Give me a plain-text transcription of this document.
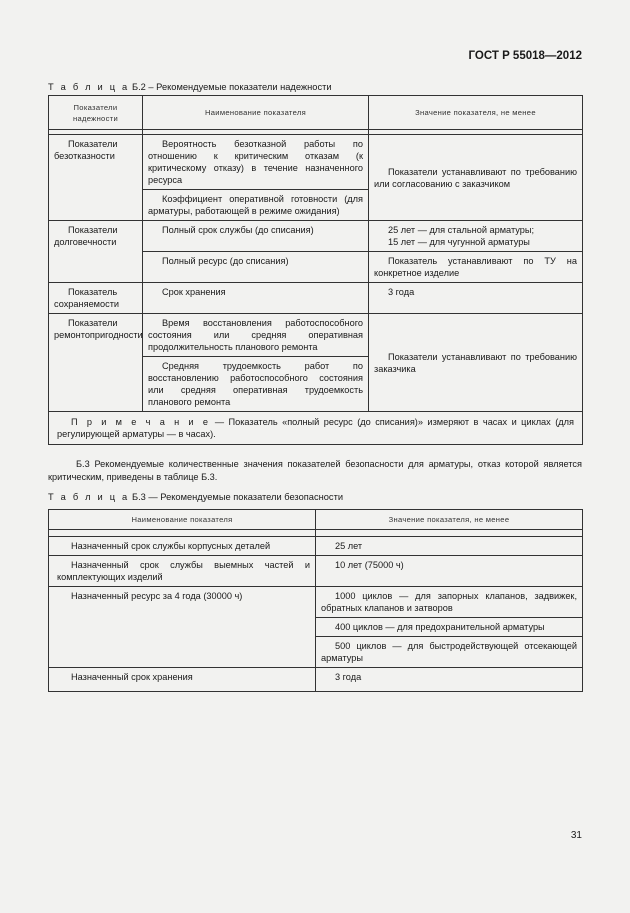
ГОСТ Р 55018—2012
Т а б л и ц а Б.2 – Рекомендуемые показатели надежности
Показатели надежности	Наименование показателя	Значение показателя, не менее

Показатели безотказности	Вероятность безотказной работы по отношению к критическим отказам (к критическому отказу) в течение назначенного ресурса	Показатели устанавливают по требованию или согласованию с заказчиком
	Коэффициент оперативной готовности (для арматуры, работающей в режиме ожидания)	
Показатели долговечности	Полный срок службы (до списания)	25 лет — для стальной арматуры;
15 лет — для чугунной арматуры

	Полный ресурс (до списания)	Показатель устанавливают по ТУ на конкретное изделие
Показатель сохраняемости	Срок хранения	3 года
Показатели ремонтопригодности	Время восстановления работоспособного состояния или средняя оперативная продолжительность планового ремонта	Показатели устанавливают по требованию заказчика
	Средняя трудоемкость работ по восстановлению работоспособного состояния или средняя оперативная трудоемкость планового ремонта	
П р и м е ч а н и е — Показатель «полный ресурс (до списания)» измеряют в часах и циклах (для регулирующей арматуры — в часах).		
Б.3 Рекомендуемые количественные значения показателей безопасности для арматуры, отказ которой является критическим, приведены в таблице Б.3.
Т а б л и ц а Б.3 — Рекомендуемые показатели безопасности
Наименование показателя	Значение показателя, не менее

Назначенный срок службы корпусных деталей	25 лет
Назначенный срок службы выемных частей и комплектующих изделий	10 лет (75000 ч)
Назначенный ресурс за 4 года (30000 ч)	1000 циклов — для запорных клапанов, задвижек, обратных клапанов и затворов
	400 циклов — для предохранительной арматуры
	500 циклов — для быстродействующей отсекающей арматуры
Назначенный срок хранения	3 года
31
